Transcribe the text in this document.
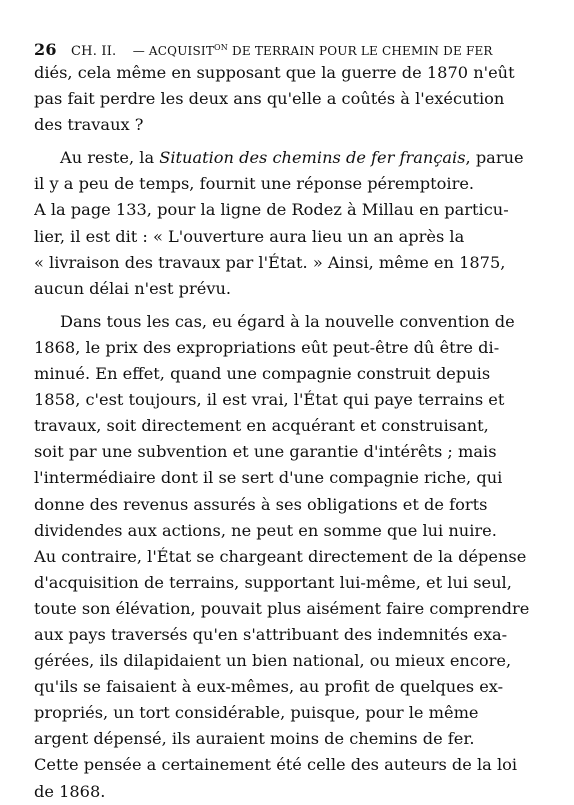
26 CH. II. — $ACQUISIT^{ON}$ DE TERRAIN POUR LE CHEMIN DE FER
diés, cela même en supposant que la guerre de 1870 n'eût
pas fait perdre les deux ans qu'elle a coûtés à l'exécution
des travaux ?
Au reste, la Situation des chemins de fer français, parue
il y a peu de temps, fournit une réponse péremptoire.
A la page 133, pour la ligne de Rodez à Millau en particu-
lier, il est dit : « L'ouverture aura lieu un an après la
« livraison des travaux par l'État. » Ainsi, même en 1875,
aucun délai n'est prévu.
Dans tous les cas, eu égard à la nouvelle convention de
1868, le prix des expropriations eût peut-être dû être di-
minué. En effet, quand une compagnie construit depuis
1858, c'est toujours, il est vrai, l'État qui paye terrains et
travaux, soit directement en acquérant et construisant,
soit par une subvention et une garantie d'intérêts ; mais
l'intermédiaire dont il se sert d'une compagnie riche, qui
donne des revenus assurés à ses obligations et de forts
dividendes aux actions, ne peut en somme que lui nuire.
Au contraire, l'État se chargeant directement de la dépense
d'acquisition de terrains, supportant lui-même, et lui seul,
toute son élévation, pouvait plus aisément faire comprendre
aux pays traversés qu'en s'attribuant des indemnités exa-
gérées, ils dilapidaient un bien national, ou mieux encore,
qu'ils se faisaient à eux-mêmes, au profit de quelques ex-
propriés, un tort considérable, puisque, pour le même
argent dépensé, ils auraient moins de chemins de fer.
Cette pensée a certainement été celle des auteurs de la loi
de 1868.
